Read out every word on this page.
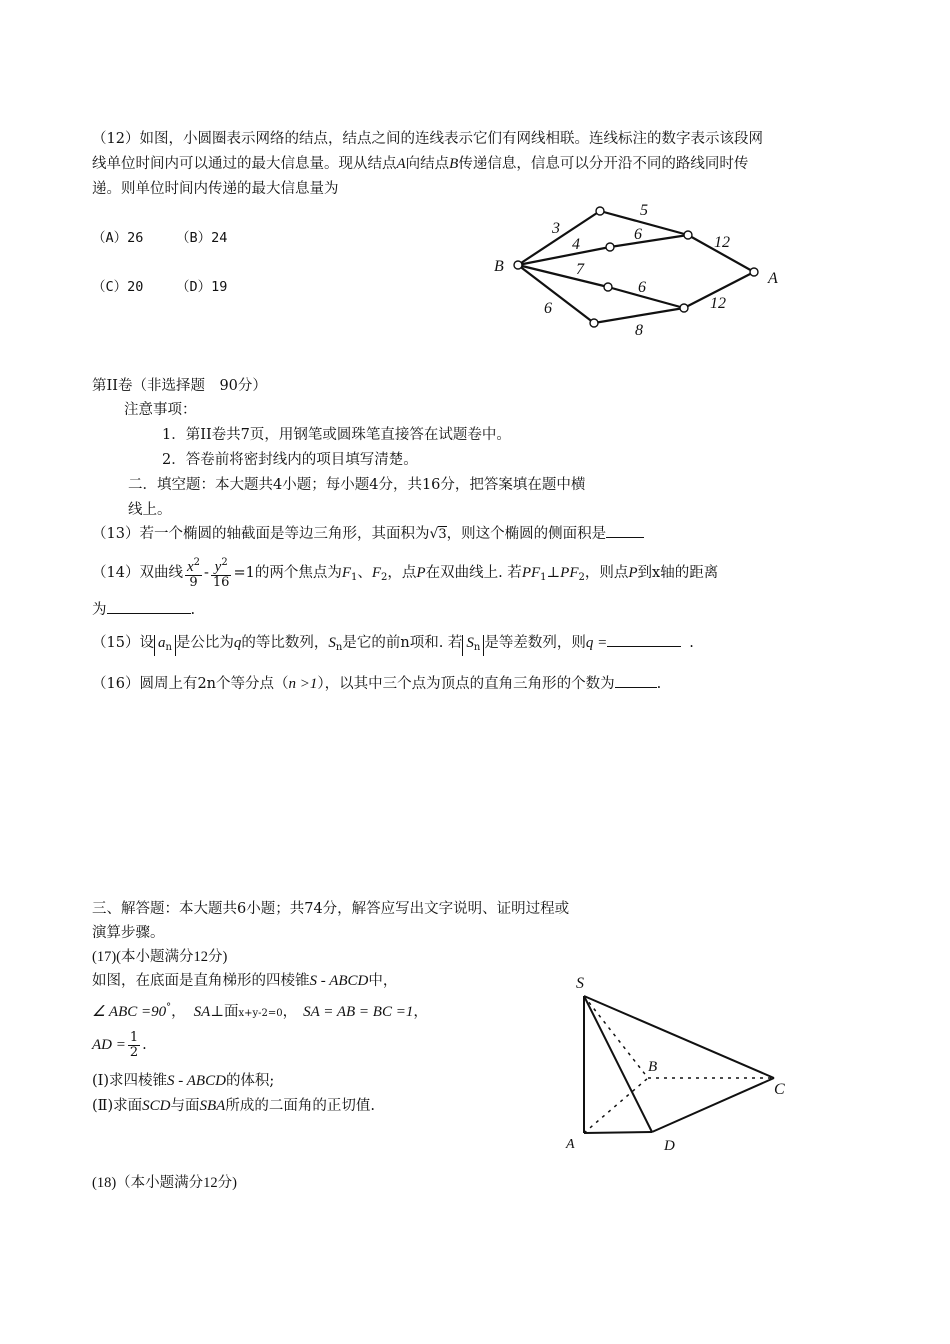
（12）如图，小圆圈表示网络的结点，结点之间的连线表示它们有网线相联。连线标注的数字表示该段网
线单位时间内可以通过的最大信息量。现从结点A向结点B传递信息，信息可以分开沿不同的路线同时传
递。则单位时间内传递的最大信息量为
（A）26 （B）24
（C）20 （D）19
B
A
3
5
4
6	12
7
6
12
6
8
第II卷（非选择题　90分）
注意事项：
1．第II卷共7页，用钢笔或圆珠笔直接答在试题卷中。
2．答卷前将密封线内的项目填写清楚。
二．填空题：本大题共4小题；每小题4分，共16分，把答案填在题中横
线上。
（13）若一个椭圆的轴截面是等边三角形，其面积为√3，则这个椭圆的侧面积是
（14）双曲线 $\frac{x^2}{9} - \frac{y^2}{16} =1$的两个焦点为$F_1$、$F_2$，点P在双曲线上. 若$PF_1\perp PF_2$，则点P到x轴的距离
为	.
（15）设 $a_n$ 是公比为q的等比数列，$S_n$是它的前n项和. 若 $S_n$ 是等差数列，则q =	.
（16）圆周上有2n个等分点（n >1），以其中三个点为顶点的直角三角形的个数为	.
三、解答题：本大题共6小题；共74分，解答应写出文字说明、证明过程或
演算步骤。
(17)(本小题满分12分)
如图，在底面是直角梯形的四棱锥S - ABCD中，
∠ ABC =90°， SA⊥面x+y-2=0， SA = AB = BC =1，
AD = $\frac{1}{2}$ .
(Ⅰ)求四棱锥S - ABCD的体积;
(Ⅱ)求面SCD与面SBA所成的二面角的正切值.
S
B
C
A	D
(18)（本小题满分12分)
